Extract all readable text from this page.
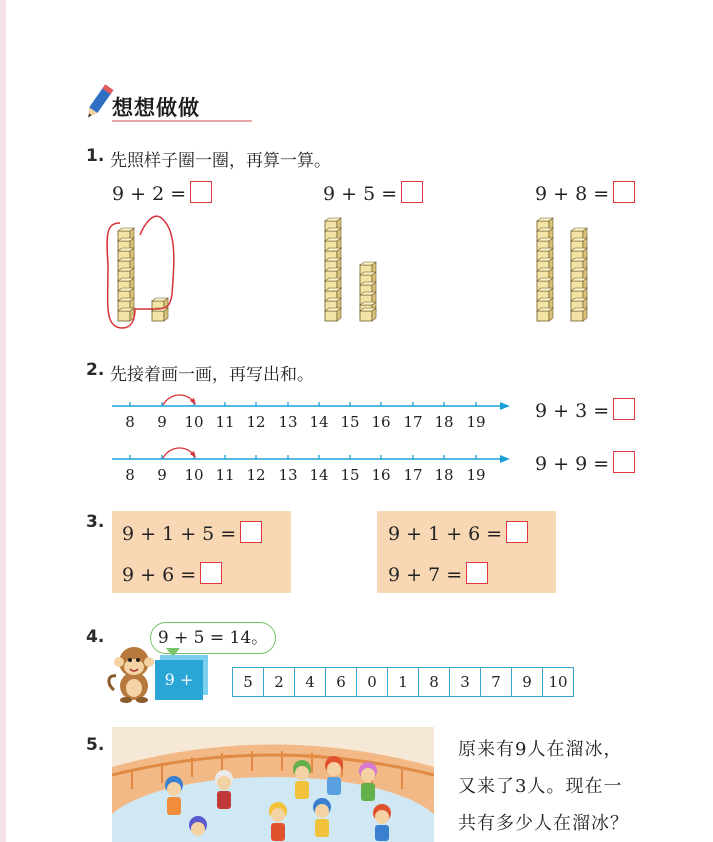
想想做做
1. 先照样子圈一圈，再算一算。
9 + 2 =	9 + 5 =	9 + 8 =
2. 先接着画一画，再写出和。
8	9	10 11 12 13 14 15 16 17 18 19	9 + 3 =
8	9	10 11 12 13 14 15 16 17 18 19	9 + 9 =
3.
9 + 1 + 5 =
9 + 6 =
9 + 1 + 6 =
9 + 7 =
4.	9 + 5 = 14。
9 +	5	2	4	6	0	1	8	3	7	9	10
5.	原来有9人在溜冰，
又来了3人。现在一
共有多少人在溜冰？
